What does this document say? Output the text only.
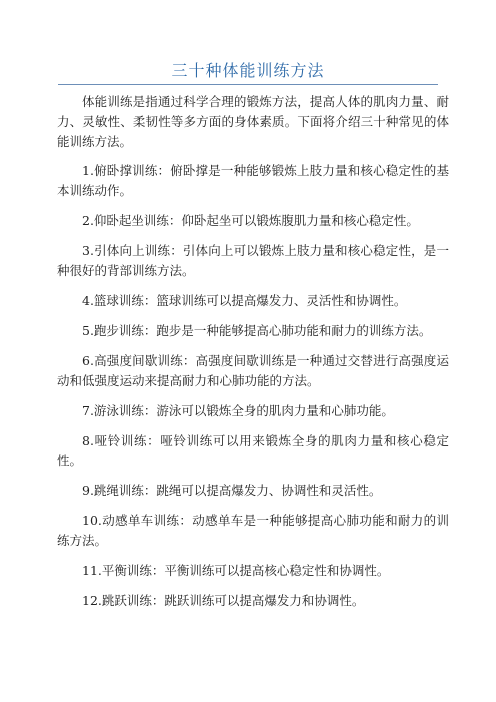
三十种体能训练方法

体能训练是指通过科学合理的锻炼方法，提高人体的肌肉力量、耐力、灵敏性、柔韧性等多方面的身体素质。下面将介绍三十种常见的体能训练方法。

1.俯卧撑训练：俯卧撑是一种能够锻炼上肢力量和核心稳定性的基本训练动作。

2.仰卧起坐训练：仰卧起坐可以锻炼腹肌力量和核心稳定性。

3.引体向上训练：引体向上可以锻炼上肢力量和核心稳定性，是一种很好的背部训练方法。

4.篮球训练：篮球训练可以提高爆发力、灵活性和协调性。

5.跑步训练：跑步是一种能够提高心肺功能和耐力的训练方法。

6.高强度间歇训练：高强度间歇训练是一种通过交替进行高强度运动和低强度运动来提高耐力和心肺功能的方法。

7.游泳训练：游泳可以锻炼全身的肌肉力量和心肺功能。

8.哑铃训练：哑铃训练可以用来锻炼全身的肌肉力量和核心稳定性。

9.跳绳训练：跳绳可以提高爆发力、协调性和灵活性。

10.动感单车训练：动感单车是一种能够提高心肺功能和耐力的训练方法。

11.平衡训练：平衡训练可以提高核心稳定性和协调性。

12.跳跃训练：跳跃训练可以提高爆发力和协调性。
